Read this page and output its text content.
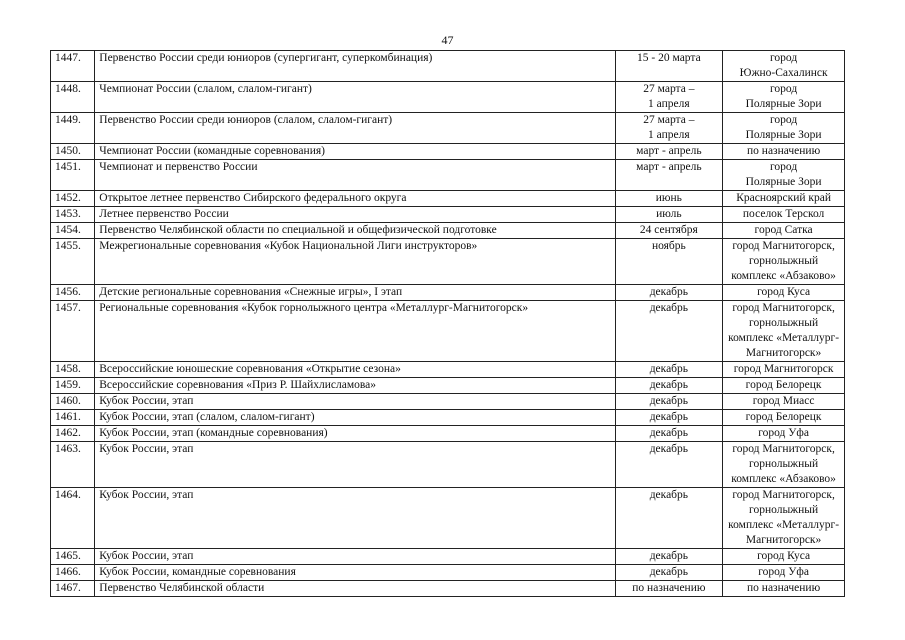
47
1447.	Первенство России среди юниоров (супергигант, суперкомбинация)	15 - 20 марта	город
Южно-Сахалинск

1448.	Чемпионат России (слалом, слалом-гигант)	27 марта –
1 апреля	город
Полярные Зори

1449.	Первенство России среди юниоров (слалом, слалом-гигант)	27 марта –
1 апреля	город
Полярные Зори

1450.	Чемпионат России (командные соревнования)	март - апрель	по назначению

1451.	Чемпионат и первенство России	март - апрель	город
Полярные Зори

1452.	Открытое летнее первенство Сибирского федерального округа	июнь	Красноярский край

1453.	Летнее первенство России	июль	поселок Терскол

1454.	Первенство Челябинской области по специальной и общефизической подготовке	24 сентября	город Сатка

1455.	Межрегиональные соревнования «Кубок Национальной Лиги инструкторов»	ноябрь	город Магнитогорск,
горнолыжный
комплекс «Абзаково»

1456.	Детские региональные соревнования «Снежные игры», I этап	декабрь	город Куса

1457.	Региональные соревнования «Кубок горнолыжного центра «Металлург-Магнитогорск»	декабрь	город Магнитогорск,
горнолыжный
комплекс «Металлург-
Магнитогорск»

1458.	Всероссийские юношеские соревнования «Открытие сезона»	декабрь	город Магнитогорск

1459.	Всероссийские соревнования «Приз Р. Шайхлисламова»	декабрь	город Белорецк

1460.	Кубок России, этап	декабрь	город Миасс

1461.	Кубок России, этап (слалом, слалом-гигант)	декабрь	город Белорецк

1462.	Кубок России, этап (командные соревнования)	декабрь	город Уфа

1463.	Кубок России, этап	декабрь	город Магнитогорск,
горнолыжный
комплекс «Абзаково»

1464.	Кубок России, этап	декабрь	город Магнитогорск,
горнолыжный
комплекс «Металлург-
Магнитогорск»

1465.	Кубок России, этап	декабрь	город Куса

1466.	Кубок России, командные соревнования	декабрь	город Уфа

1467.	Первенство Челябинской области	по назначению	по назначению
